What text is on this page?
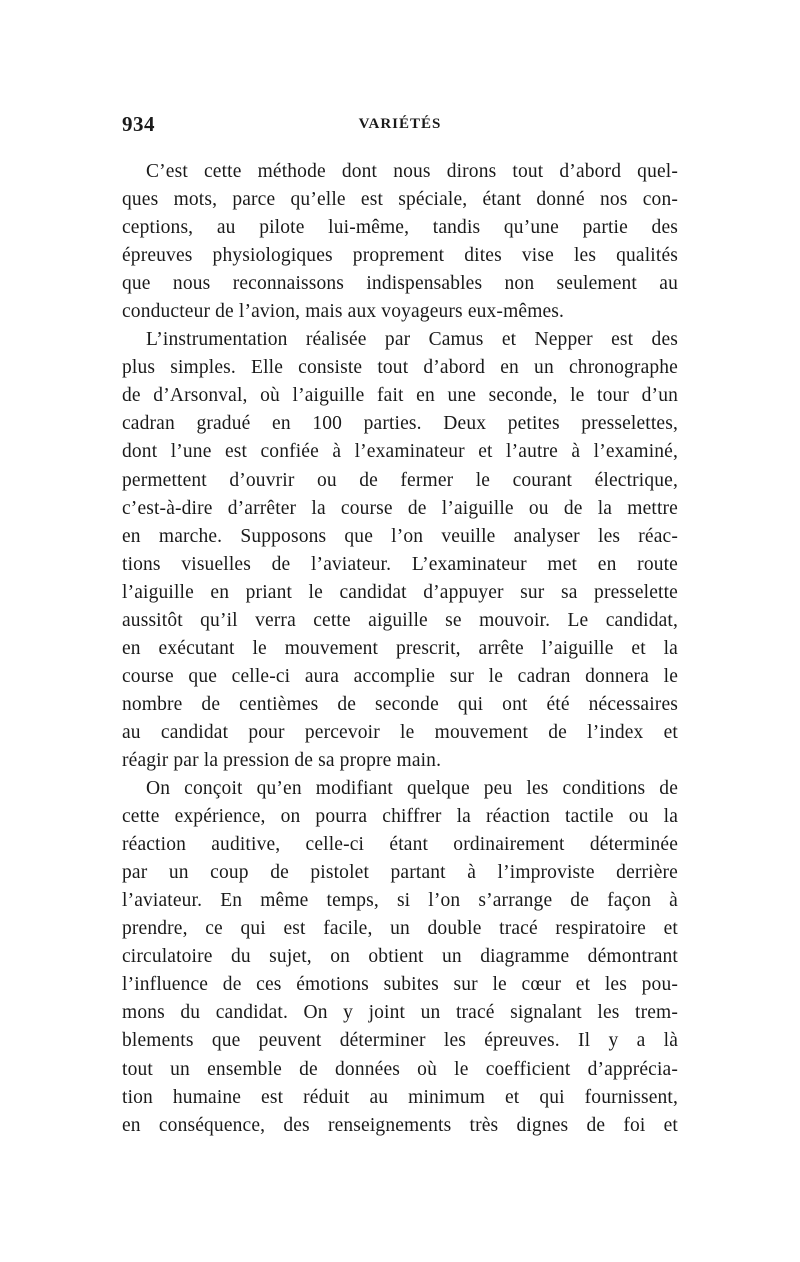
934	VARIÉTÉS
C’est cette méthode dont nous dirons tout d’abord quel-
ques mots, parce qu’elle est spéciale, étant donné nos con-
ceptions, au pilote lui-même, tandis qu’une partie des
épreuves physiologiques proprement dites vise les qualités
que nous reconnaissons indispensables non seulement au
conducteur de l’avion, mais aux voyageurs eux-mêmes.
L’instrumentation réalisée par Camus et Nepper est des
plus simples. Elle consiste tout d’abord en un chronographe
de d’Arsonval, où l’aiguille fait en une seconde, le tour d’un
cadran gradué en 100 parties. Deux petites presselettes,
dont l’une est confiée à l’examinateur et l’autre à l’examiné,
permettent d’ouvrir ou de fermer le courant électrique,
c’est-à-dire d’arrêter la course de l’aiguille ou de la mettre
en marche. Supposons que l’on veuille analyser les réac-
tions visuelles de l’aviateur. L’examinateur met en route
l’aiguille en priant le candidat d’appuyer sur sa presselette
aussitôt qu’il verra cette aiguille se mouvoir. Le candidat,
en exécutant le mouvement prescrit, arrête l’aiguille et la
course que celle-ci aura accomplie sur le cadran donnera le
nombre de centièmes de seconde qui ont été nécessaires
au candidat pour percevoir le mouvement de l’index et
réagir par la pression de sa propre main.
On conçoit qu’en modifiant quelque peu les conditions de
cette expérience, on pourra chiffrer la réaction tactile ou la
réaction auditive, celle-ci étant ordinairement déterminée
par un coup de pistolet partant à l’improviste derrière
l’aviateur. En même temps, si l’on s’arrange de façon à
prendre, ce qui est facile, un double tracé respiratoire et
circulatoire du sujet, on obtient un diagramme démontrant
l’influence de ces émotions subites sur le cœur et les pou-
mons du candidat. On y joint un tracé signalant les trem-
blements que peuvent déterminer les épreuves. Il y a là
tout un ensemble de données où le coefficient d’apprécia-
tion humaine est réduit au minimum et qui fournissent,
en conséquence, des renseignements très dignes de foi et
